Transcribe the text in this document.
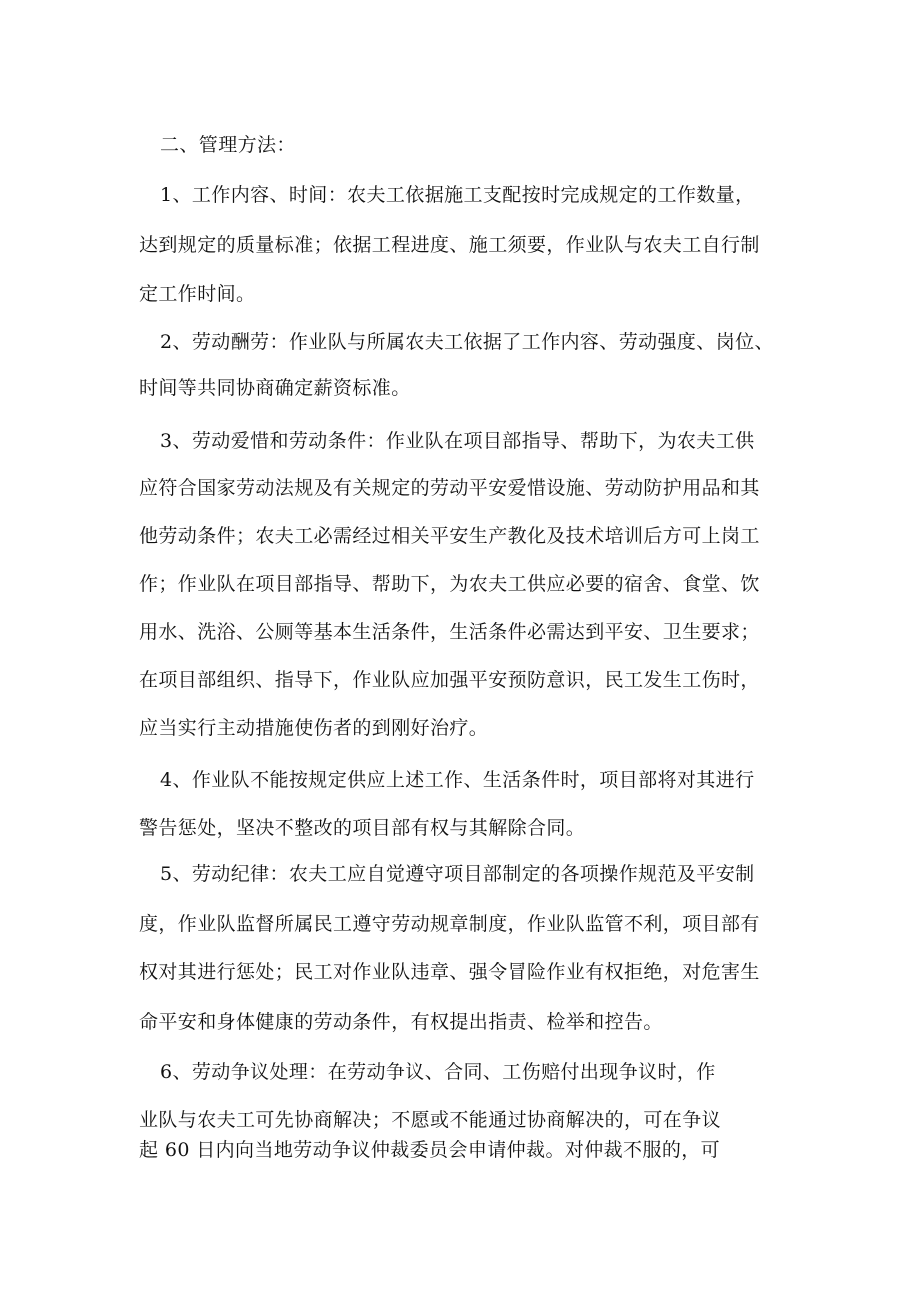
二、管理方法：
1、工作内容、时间：农夫工依据施工支配按时完成规定的工作数量，
达到规定的质量标准；依据工程进度、施工须要，作业队与农夫工自行制
定工作时间。
2、劳动酬劳：作业队与所属农夫工依据了工作内容、劳动强度、岗位、
时间等共同协商确定薪资标准。
3、劳动爱惜和劳动条件：作业队在项目部指导、帮助下，为农夫工供
应符合国家劳动法规及有关规定的劳动平安爱惜设施、劳动防护用品和其
他劳动条件；农夫工必需经过相关平安生产教化及技术培训后方可上岗工
作；作业队在项目部指导、帮助下，为农夫工供应必要的宿舍、食堂、饮
用水、洗浴、公厕等基本生活条件，生活条件必需达到平安、卫生要求；
在项目部组织、指导下，作业队应加强平安预防意识，民工发生工伤时，
应当实行主动措施使伤者的到刚好治疗。
4、作业队不能按规定供应上述工作、生活条件时，项目部将对其进行
警告惩处，坚决不整改的项目部有权与其解除合同。
5、劳动纪律：农夫工应自觉遵守项目部制定的各项操作规范及平安制
度，作业队监督所属民工遵守劳动规章制度，作业队监管不利，项目部有
权对其进行惩处；民工对作业队违章、强令冒险作业有权拒绝，对危害生
命平安和身体健康的劳动条件，有权提出指责、检举和控告。
6、劳动争议处理：在劳动争议、合同、工伤赔付出现争议时，作
业队与农夫工可先协商解决；不愿或不能通过协商解决的，可在争议
起 60 日内向当地劳动争议仲裁委员会申请仲裁。对仲裁不服的，可
